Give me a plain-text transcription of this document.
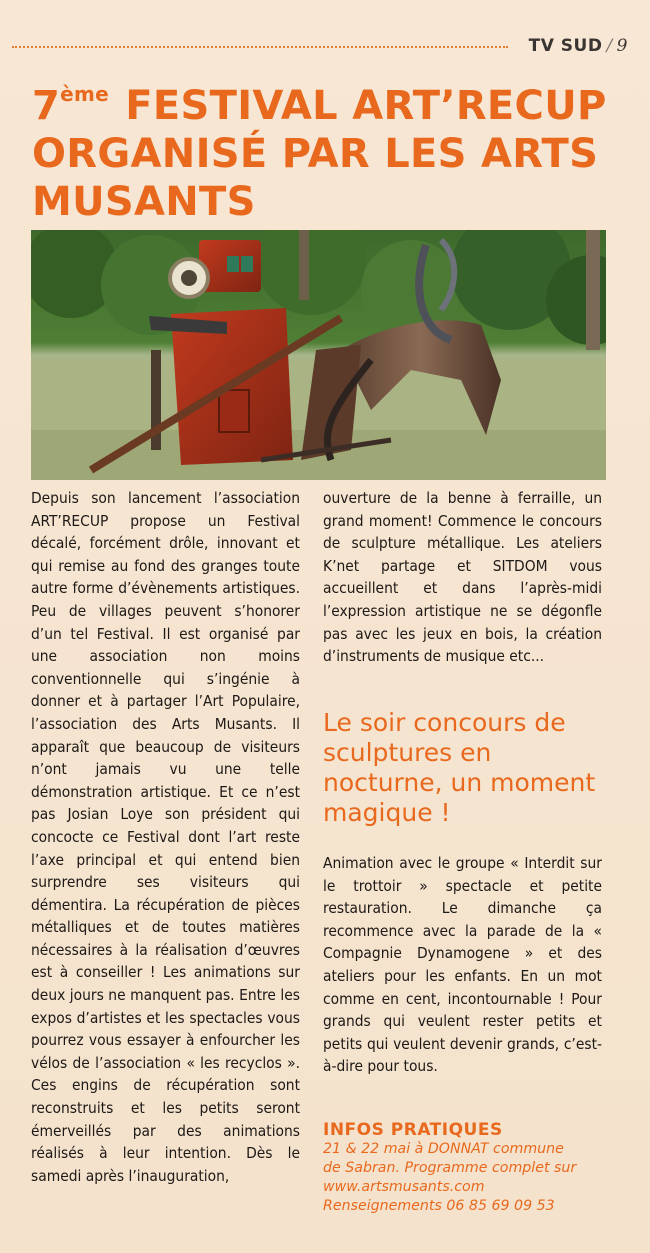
TV SUD / 9
7ème FESTIVAL ART’RECUP
ORGANISÉ PAR LES ARTS
MUSANTS

Depuis son lancement l’association ART’RECUP propose un Festival décalé, forcément drôle, innovant et qui remise au fond des granges toute autre forme d’évènements artistiques. Peu de villages peuvent s’honorer d’un tel Festival. Il est organisé par une association non moins conventionnelle qui s’ingénie à donner et à partager l’Art Populaire, l’association des Arts Musants. Il apparaît que beaucoup de visiteurs n’ont jamais vu une telle démonstration artistique. Et ce n’est pas Josian Loye son président qui concocte ce Festival dont l’art reste l’axe principal et qui entend bien surprendre ses visiteurs qui démentira. La récupération de pièces métalliques et de toutes matières nécessaires à la réalisation d’œuvres est à conseiller ! Les animations sur deux jours ne manquent pas. Entre les expos d’artistes et les spectacles vous pourrez vous essayer à enfourcher les vélos de l’association « les recyclos ». Ces engins de récupération sont reconstruits et les petits seront émerveillés par des animations réalisés à leur intention. Dès le samedi après l’inauguration,

ouverture de la benne à ferraille, un grand moment! Commence le concours de sculpture métallique. Les ateliers K’net partage et SITDOM vous accueillent et dans l’après-midi l’expression artistique ne se dégonfle pas avec les jeux en bois, la création d’instruments de musique etc...

Le soir concours de sculptures en nocturne, un moment magique !

Animation avec le groupe « Interdit sur le trottoir » spectacle et petite restauration. Le dimanche ça recommence avec la parade de la « Compagnie Dynamogene » et des ateliers pour les enfants. En un mot comme en cent, incontournable ! Pour grands qui veulent rester petits et petits qui veulent devenir grands, c’est-à-dire pour tous.

INFOS PRATIQUES
21 & 22 mai à DONNAT commune
de Sabran. Programme complet sur
www.artsmusants.com
Renseignements 06 85 69 09 53
